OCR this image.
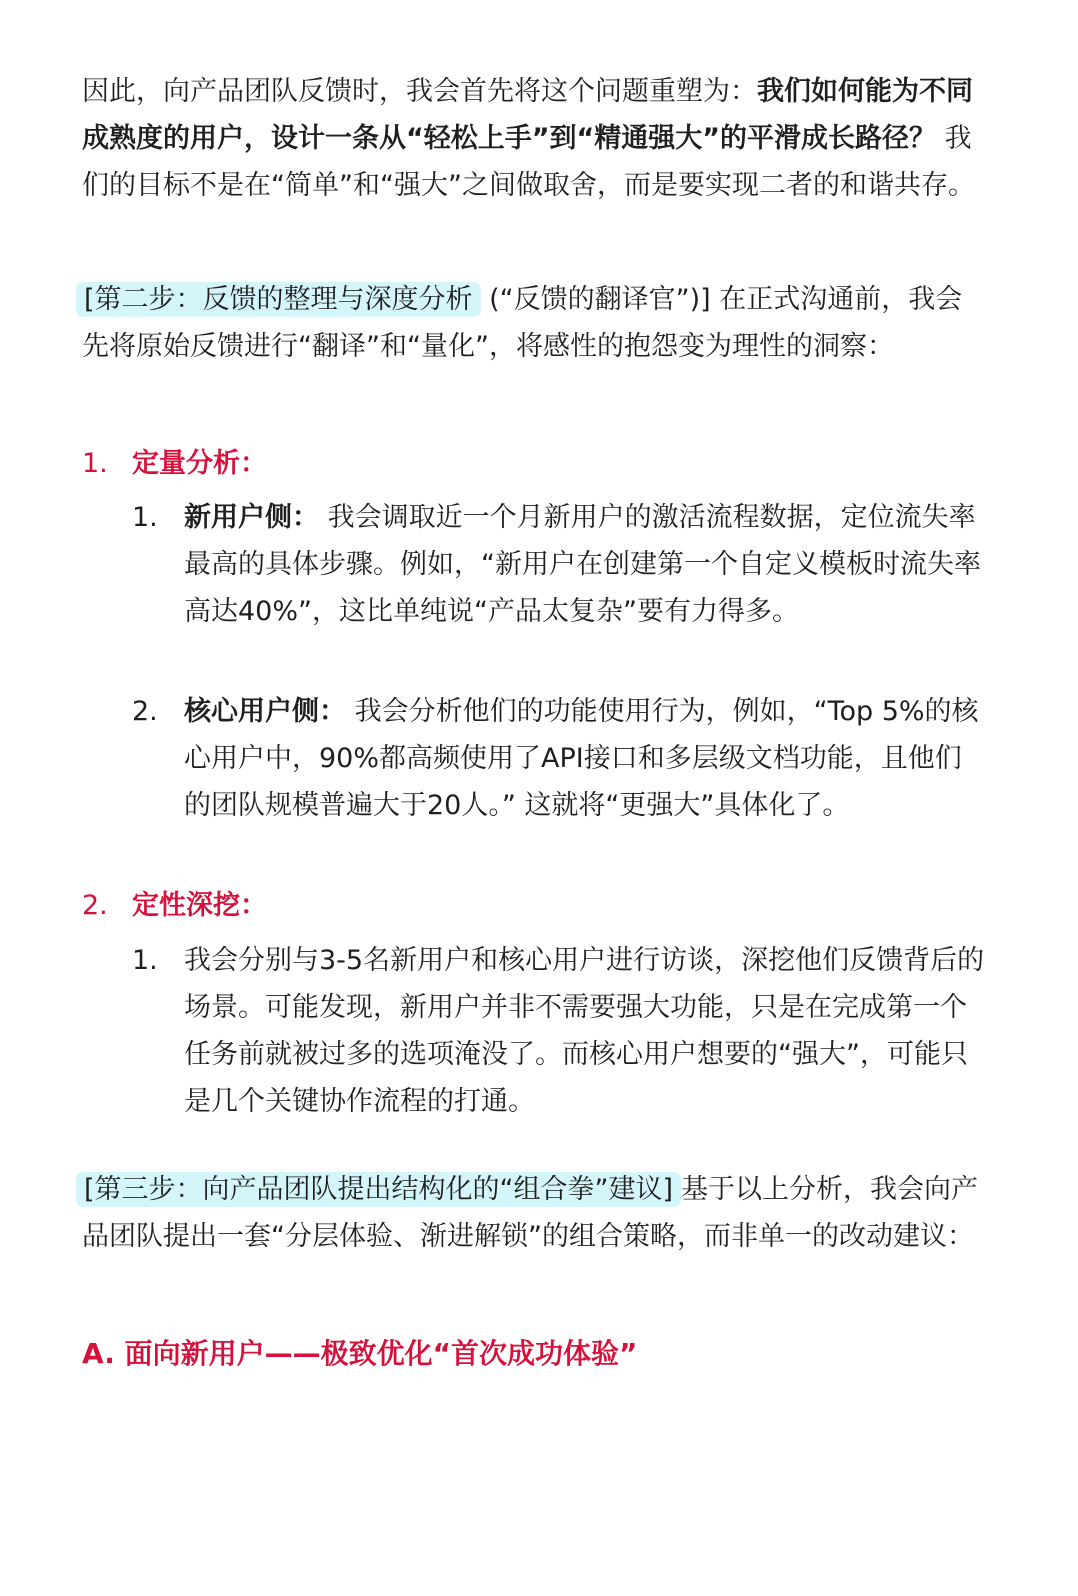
因此，向产品团队反馈时，我会首先将这个问题重塑为：我们如何能为不同成熟度的用户，设计一条从“轻松上手”到“精通强大”的平滑成长路径？ 我们的目标不是在“简单”和“强大”之间做取舍，而是要实现二者的和谐共存。

[第二步：反馈的整理与深度分析 (“反馈的翻译官”)] 在正式沟通前，我会先将原始反馈进行“翻译”和“量化”，将感性的抱怨变为理性的洞察：

1. 定量分析：
1. 新用户侧： 我会调取近一个月新用户的激活流程数据，定位流失率最高的具体步骤。例如，“新用户在创建第一个自定义模板时流失率高达40%”，这比单纯说“产品太复杂”要有力得多。

2. 核心用户侧： 我会分析他们的功能使用行为，例如，“Top 5%的核心用户中，90%都高频使用了API接口和多层级文档功能，且他们的团队规模普遍大于20人。” 这就将“更强大”具体化了。

2. 定性深挖：
1. 我会分别与3-5名新用户和核心用户进行访谈，深挖他们反馈背后的场景。可能发现，新用户并非不需要强大功能，只是在完成第一个任务前就被过多的选项淹没了。而核心用户想要的“强大”，可能只是几个关键协作流程的打通。

[第三步：向产品团队提出结构化的“组合拳”建议] 基于以上分析，我会向产品团队提出一套“分层体验、渐进解锁”的组合策略，而非单一的改动建议：

A. 面向新用户——极致优化“首次成功体验”
